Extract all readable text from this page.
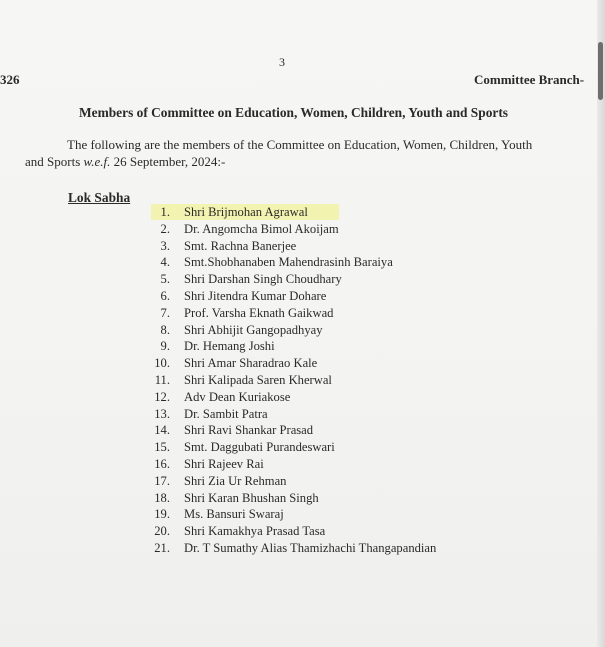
3
326	Committee Branch-
Members of Committee on Education, Women, Children, Youth and Sports
The following are the members of the Committee on Education, Women, Children, Youth
and Sports w.e.f. 26 September, 2024:-
Lok Sabha
1. Shri Brijmohan Agrawal
2. Dr. Angomcha Bimol Akoijam
3. Smt. Rachna Banerjee
4. Smt.Shobhanaben Mahendrasinh Baraiya
5. Shri Darshan Singh Choudhary
6. Shri Jitendra Kumar Dohare
7. Prof. Varsha Eknath Gaikwad
8. Shri Abhijit Gangopadhyay
9. Dr. Hemang Joshi
10. Shri Amar Sharadrao Kale
11. Shri Kalipada Saren Kherwal
12. Adv Dean Kuriakose
13. Dr. Sambit Patra
14. Shri Ravi Shankar Prasad
15. Smt. Daggubati Purandeswari
16. Shri Rajeev Rai
17. Shri Zia Ur Rehman
18. Shri Karan Bhushan Singh
19. Ms. Bansuri Swaraj
20. Shri Kamakhya Prasad Tasa
21. Dr. T Sumathy Alias Thamizhachi Thangapandian
